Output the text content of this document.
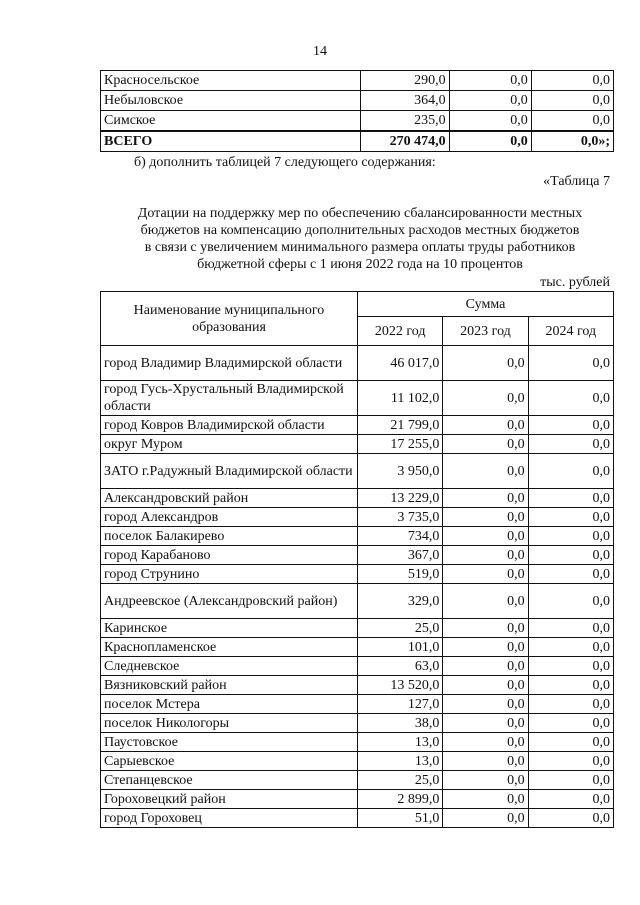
14
Красносельское	290,0	0,0	0,0
Небыловское	364,0	0,0	0,0
Симское	235,0	0,0	0,0
ВСЕГО	270 474,0	0,0	0,0»;
б) дополнить таблицей 7 следующего содержания:
«Таблица 7
Дотации на поддержку мер по обеспечению сбалансированности местных
бюджетов на компенсацию дополнительных расходов местных бюджетов
в связи с увеличением минимального размера оплаты труды работников
бюджетной сферы с 1 июня 2022 года на 10 процентов
тыс. рублей
Наименование муниципального образования	Сумма		
	2022 год	2023 год	2024 год
город Владимир Владимирской области	46 017,0	0,0	0,0
город Гусь-Хрустальный Владимирской области	11 102,0	0,0	0,0
город Ковров Владимирской области	21 799,0	0,0	0,0
округ Муром	17 255,0	0,0	0,0
ЗАТО г.Радужный Владимирской области	3 950,0	0,0	0,0
Александровский район	13 229,0	0,0	0,0
город Александров	3 735,0	0,0	0,0
поселок Балакирево	734,0	0,0	0,0
город Карабаново	367,0	0,0	0,0
город Струнино	519,0	0,0	0,0
Андреевское (Александровский район)	329,0	0,0	0,0
Каринское	25,0	0,0	0,0
Краснопламенское	101,0	0,0	0,0
Следневское	63,0	0,0	0,0
Вязниковский район	13 520,0	0,0	0,0
поселок Мстера	127,0	0,0	0,0
поселок Никологоры	38,0	0,0	0,0
Паустовское	13,0	0,0	0,0
Сарыевское	13,0	0,0	0,0
Степанцевское	25,0	0,0	0,0
Гороховецкий район	2 899,0	0,0	0,0
город Гороховец	51,0	0,0	0,0
